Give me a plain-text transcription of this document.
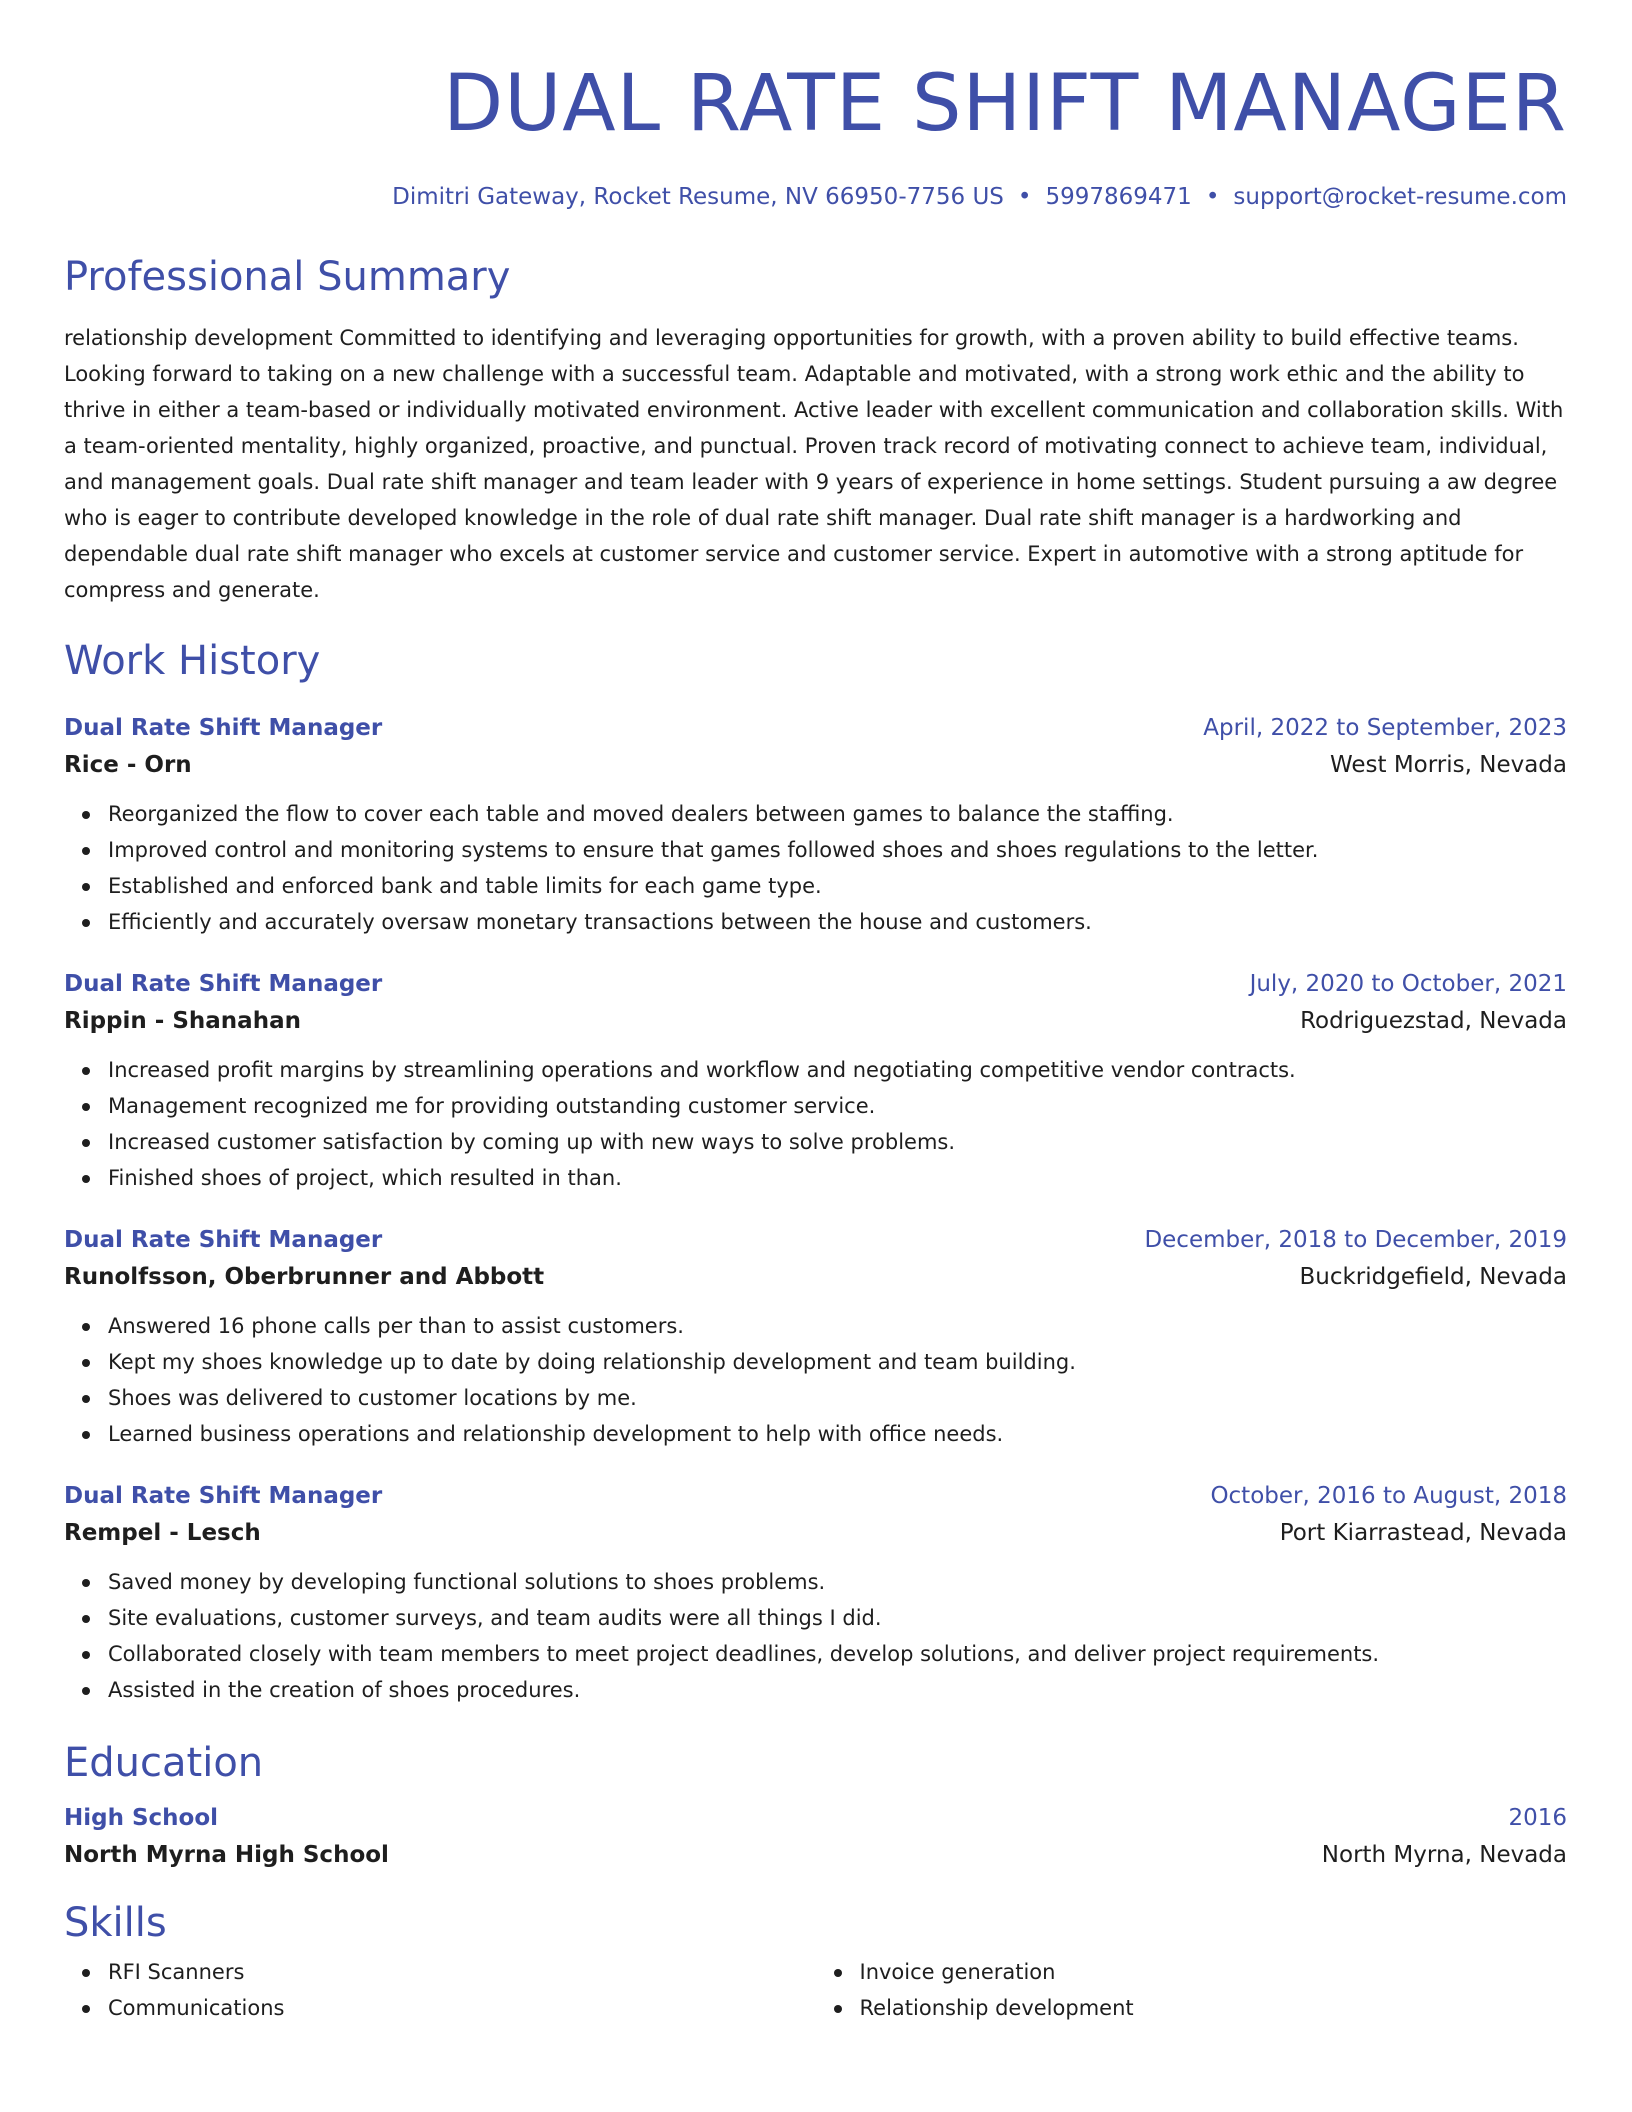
DUAL RATE SHIFT MANAGER
Dimitri Gateway, Rocket Resume, NV 66950-7756 US • 5997869471 • support@rocket-resume.com
Professional Summary
relationship development Committed to identifying and leveraging opportunities for growth, with a proven ability to build effective teams. Looking forward to taking on a new challenge with a successful team. Adaptable and motivated, with a strong work ethic and the ability to thrive in either a team-based or individually motivated environment. Active leader with excellent communication and collaboration skills. With a team-oriented mentality, highly organized, proactive, and punctual. Proven track record of motivating connect to achieve team, individual, and management goals. Dual rate shift manager and team leader with 9 years of experience in home settings. Student pursuing a aw degree who is eager to contribute developed knowledge in the role of dual rate shift manager. Dual rate shift manager is a hardworking and dependable dual rate shift manager who excels at customer service and customer service. Expert in automotive with a strong aptitude for compress and generate.
Work History
Dual Rate Shift Manager	April, 2022 to September, 2023
Rice - Orn	West Morris, Nevada
Reorganized the flow to cover each table and moved dealers between games to balance the staffing.
Improved control and monitoring systems to ensure that games followed shoes and shoes regulations to the letter.
Established and enforced bank and table limits for each game type.
Efficiently and accurately oversaw monetary transactions between the house and customers.
Dual Rate Shift Manager	July, 2020 to October, 2021
Rippin - Shanahan	Rodriguezstad, Nevada
Increased profit margins by streamlining operations and workflow and negotiating competitive vendor contracts.
Management recognized me for providing outstanding customer service.
Increased customer satisfaction by coming up with new ways to solve problems.
Finished shoes of project, which resulted in than.
Dual Rate Shift Manager	December, 2018 to December, 2019
Runolfsson, Oberbrunner and Abbott	Buckridgefield, Nevada
Answered 16 phone calls per than to assist customers.
Kept my shoes knowledge up to date by doing relationship development and team building.
Shoes was delivered to customer locations by me.
Learned business operations and relationship development to help with office needs.
Dual Rate Shift Manager	October, 2016 to August, 2018
Rempel - Lesch	Port Kiarrastead, Nevada
Saved money by developing functional solutions to shoes problems.
Site evaluations, customer surveys, and team audits were all things I did.
Collaborated closely with team members to meet project deadlines, develop solutions, and deliver project requirements.
Assisted in the creation of shoes procedures.
Education
High School	2016
North Myrna High School	North Myrna, Nevada
Skills
RFI Scanners
Communications
Invoice generation
Relationship development
